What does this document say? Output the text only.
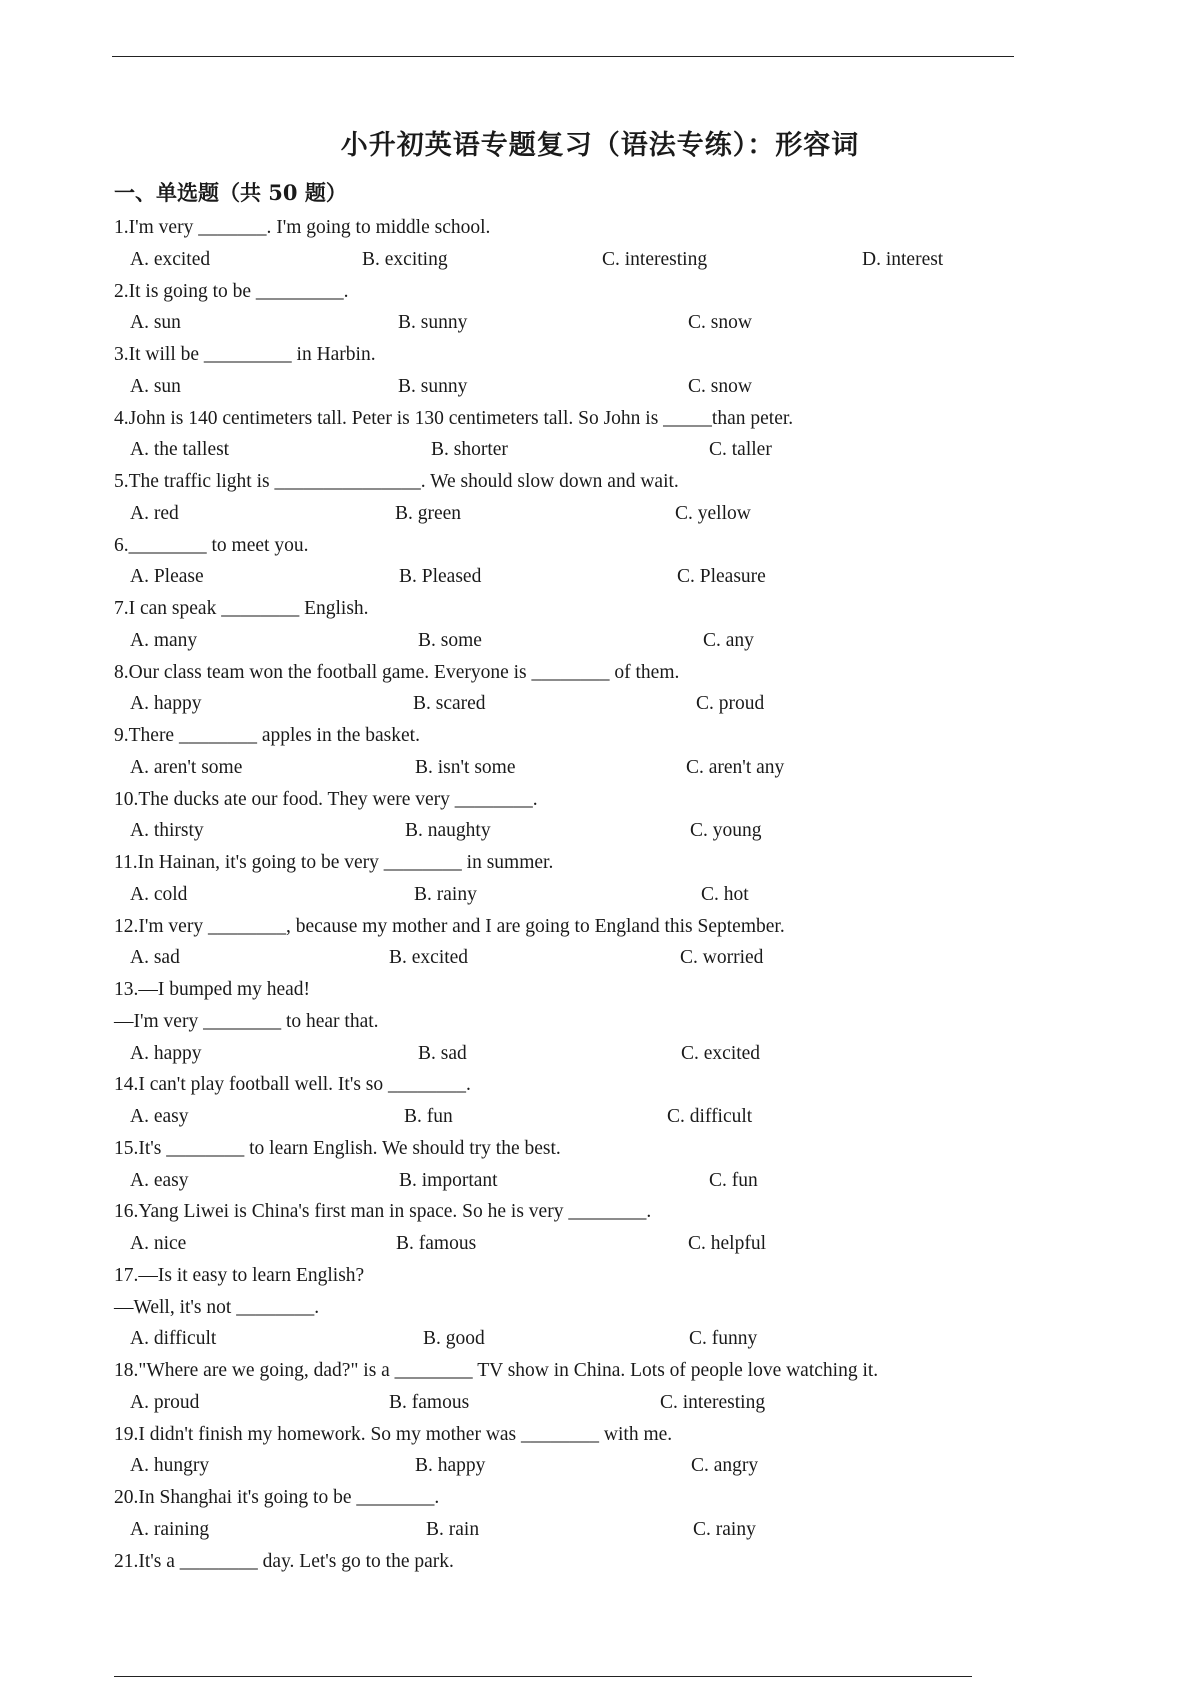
小升初英语专题复习（语法专练）：形容词
一、单选题（共 50 题）
1.I'm very _______. I'm going to middle school.
A. excited	B. exciting	C. interesting	D. interest
2.It is going to be _________.
A. sun	B. sunny	C. snow
3.It will be _________ in Harbin.
A. sun	B. sunny	C. snow
4.John is 140 centimeters tall. Peter is 130 centimeters tall. So John is _____than peter.
A. the tallest	B. shorter	C. taller
5.The traffic light is _______________. We should slow down and wait.
A. red	B. green	C. yellow
6.________ to meet you.
A. Please	B. Pleased	C. Pleasure
7.I can speak ________ English.
A. many	B. some	C. any
8.Our class team won the football game. Everyone is ________ of them.
A. happy	B. scared	C. proud
9.There ________ apples in the basket.
A. aren't some	B. isn't some	C. aren't any
10.The ducks ate our food. They were very ________.
A. thirsty	B. naughty	C. young
11.In Hainan, it's going to be very ________ in summer.
A. cold	B. rainy	C. hot
12.I'm very ________, because my mother and I are going to England this September.
A. sad	B. excited	C. worried
13.—I bumped my head!
—I'm very ________ to hear that.
A. happy	B. sad	C. excited
14.I can't play football well. It's so ________.
A. easy	B. fun	C. difficult
15.It's ________ to learn English. We should try the best.
A. easy	B. important	C. fun
16.Yang Liwei is China's first man in space. So he is very ________.
A. nice	B. famous	C. helpful
17.—Is it easy to learn English?
—Well, it's not ________.
A. difficult	B. good	C. funny
18."Where are we going, dad?" is a ________ TV show in China. Lots of people love watching it.
A. proud	B. famous	C. interesting
19.I didn't finish my homework. So my mother was ________ with me.
A. hungry	B. happy	C. angry
20.In Shanghai it's going to be ________.
A. raining	B. rain	C. rainy
21.It's a ________ day. Let's go to the park.
